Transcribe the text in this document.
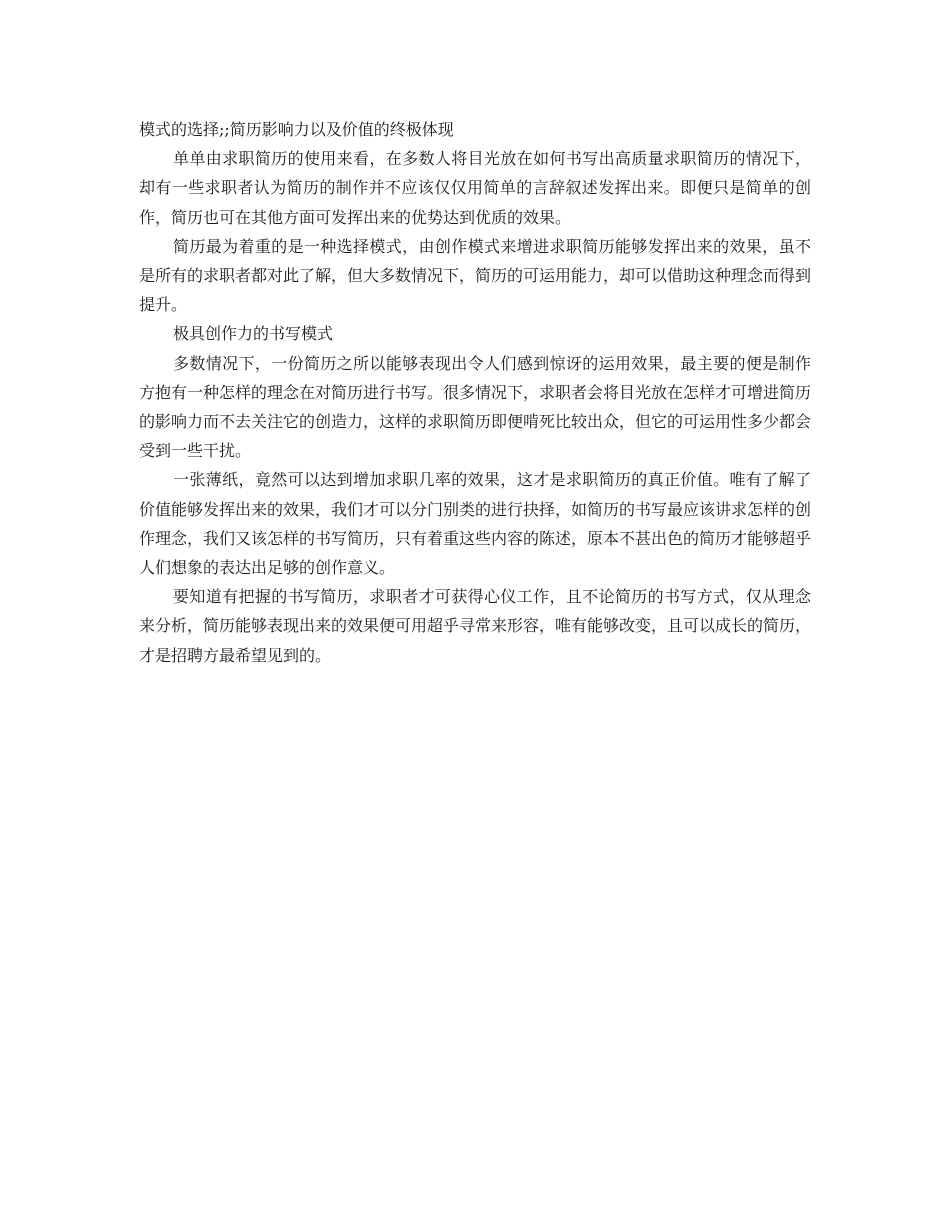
模式的选择;;简历影响力以及价值的终极体现

单单由求职简历的使用来看，在多数人将目光放在如何书写出高质量求职简历的情况下，却有一些求职者认为简历的制作并不应该仅仅用简单的言辞叙述发挥出来。即便只是简单的创作，简历也可在其他方面可发挥出来的优势达到优质的效果。

简历最为着重的是一种选择模式，由创作模式来增进求职简历能够发挥出来的效果，虽不是所有的求职者都对此了解，但大多数情况下，简历的可运用能力，却可以借助这种理念而得到提升。

极具创作力的书写模式

多数情况下，一份简历之所以能够表现出令人们感到惊讶的运用效果，最主要的便是制作方抱有一种怎样的理念在对简历进行书写。很多情况下，求职者会将目光放在怎样才可增进简历的影响力而不去关注它的创造力，这样的求职简历即便啃死比较出众，但它的可运用性多少都会受到一些干扰。

一张薄纸，竟然可以达到增加求职几率的效果，这才是求职简历的真正价值。唯有了解了价值能够发挥出来的效果，我们才可以分门别类的进行抉择，如简历的书写最应该讲求怎样的创作理念，我们又该怎样的书写简历，只有着重这些内容的陈述，原本不甚出色的简历才能够超乎人们想象的表达出足够的创作意义。

要知道有把握的书写简历，求职者才可获得心仪工作，且不论简历的书写方式，仅从理念来分析，简历能够表现出来的效果便可用超乎寻常来形容，唯有能够改变，且可以成长的简历，才是招聘方最希望见到的。
